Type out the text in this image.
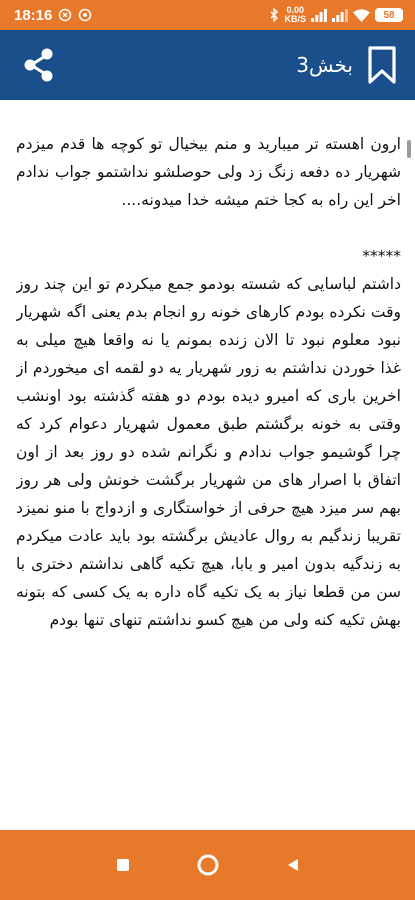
18:16	0.00
KB/S	58
بخش3

ارون اهسته تر میبارید و منم بیخیال تو کوچه ها قدم میزدم شهریار ده دفعه زنگ زد ولی حوصلشو نداشتمو جواب ندادم اخر این راه به کجا ختم میشه خدا میدونه....

*****

داشتم لباسایی که شسته بودمو جمع میکردم تو این چند روز وقت نکرده بودم کارهای خونه رو انجام بدم یعنی اگه شهریار نبود معلوم نبود تا الان زنده بمونم یا نه واقعا هیچ میلی به غذا خوردن نداشتم به زور شهریار یه دو لقمه ای میخوردم از اخرین باری که امیرو دیده بودم دو هفته گذشته بود اونشب وقتی به خونه برگشتم طبق معمول شهریار دعوام کرد که چرا گوشیمو جواب ندادم و نگرانم شده دو روز بعد از اون اتفاق با اصرار های من شهریار برگشت خونش ولی هر روز بهم سر میزد هیچ حرفی از خواستگاری و ازدواج با منو نمیزد تقریبا زندگیم به روال عادیش برگشته بود باید عادت میکردم به زندگیه بدون امیر و بابا، هیچ تکیه گاهی نداشتم دختری با سن من قطعا نیاز به یک تکیه گاه داره به یک کسی که بتونه بهش تکیه کنه ولی من هیچ کسو نداشتم تنهای تنها بودم
